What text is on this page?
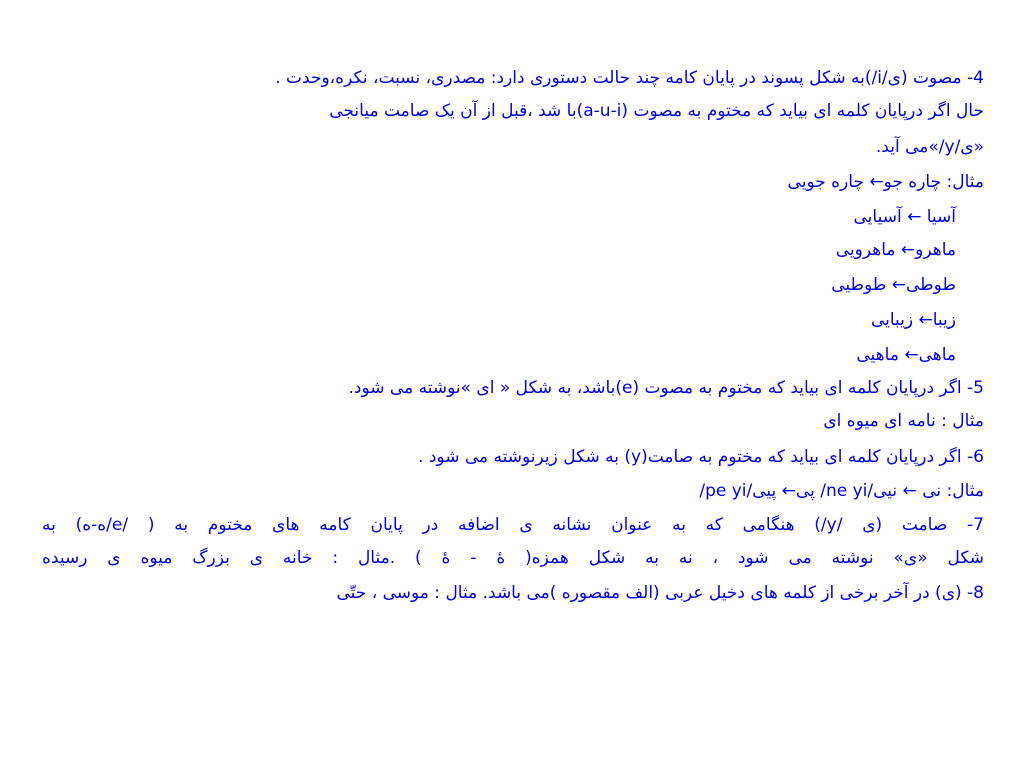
4- مصوت (ی/i/)به شکل پسوند در پایان کامه چند حالت دستوری دارد: مصدری، نسبت، نکره،وحدت .
حال اگر درپایان کلمه ای بیاید که مختوم به مصوت (a-u-i)با شد ،قبل از آن یک صامت میانجی
«ی/y/»می آید.
مثال: چاره جو← چاره جویی
آسیا ← آسیایی
ماهرو← ماهرویی
طوطی← طوطیی
زیبا← زیبایی
ماهی← ماهیی
5- اگر درپایان کلمه ای بیاید که مختوم به مصوت (e)باشد، به شکل « ای »نوشته می شود.
مثال : نامه ای میوه ای
6- اگر درپایان کلمه ای بیاید که مختوم به صامت(y) به شکل زیرنوشته می شود .
مثال: نی ← نیی/ne yi/ پی← پیی/pe yi/
7- صامت (ی /y/) هنگامی که به عنوان نشانه ی اضافه در پایان کامه های مختوم به ( /e/ه-ه) به
شکل «ی» نوشته می شود ، نه به شکل همزه( هٔ - هٔ ) .مثال : خانه ی بزرگ میوه ی رسیده
8- (ی) در آخر برخی از کلمه های دخیل عربی (الف مقصوره )می باشد. مثال : موسی ، حتّی
